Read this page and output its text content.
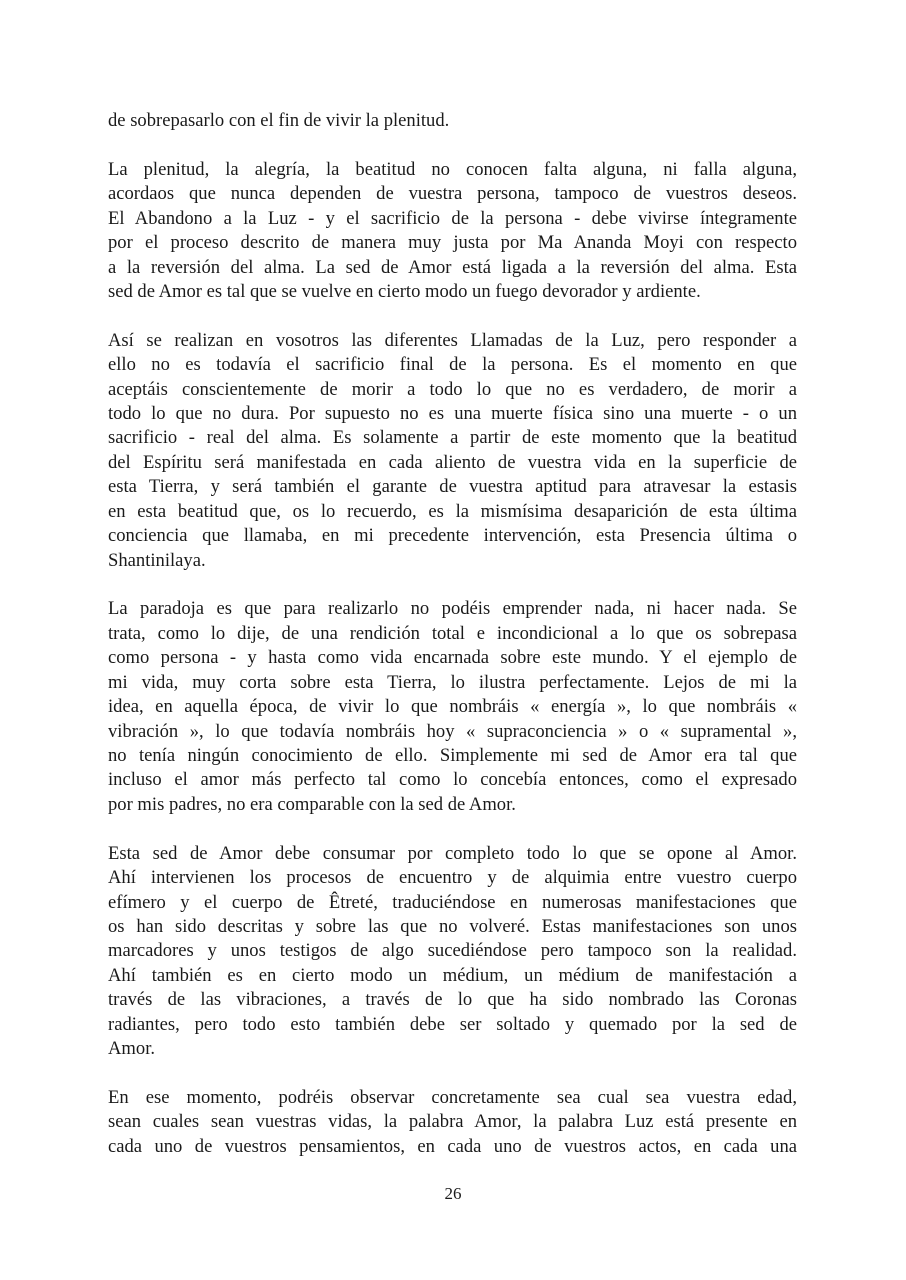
de sobrepasarlo con el fin de vivir la plenitud.
La plenitud, la alegría, la beatitud no conocen falta alguna, ni falla alguna,
acordaos que nunca dependen de vuestra persona, tampoco de vuestros deseos.
El Abandono a la Luz - y el sacrificio de la persona - debe vivirse íntegramente
por el proceso descrito de manera muy justa por Ma Ananda Moyi con respecto
a la reversión del alma. La sed de Amor está ligada a la reversión del alma. Esta
sed de Amor es tal que se vuelve en cierto modo un fuego devorador y ardiente.
Así se realizan en vosotros las diferentes Llamadas de la Luz, pero responder a
ello no es todavía el sacrificio final de la persona. Es el momento en que
aceptáis conscientemente de morir a todo lo que no es verdadero, de morir a
todo lo que no dura. Por supuesto no es una muerte física sino una muerte - o un
sacrificio - real del alma. Es solamente a partir de este momento que la beatitud
del Espíritu será manifestada en cada aliento de vuestra vida en la superficie de
esta Tierra, y será también el garante de vuestra aptitud para atravesar la estasis
en esta beatitud que, os lo recuerdo, es la mismísima desaparición de esta última
conciencia que llamaba, en mi precedente intervención, esta Presencia última o
Shantinilaya.
La paradoja es que para realizarlo no podéis emprender nada, ni hacer nada. Se
trata, como lo dije, de una rendición total e incondicional a lo que os sobrepasa
como persona - y hasta como vida encarnada sobre este mundo. Y el ejemplo de
mi vida, muy corta sobre esta Tierra, lo ilustra perfectamente. Lejos de mi la
idea, en aquella época, de vivir lo que nombráis « energía », lo que nombráis «
vibración », lo que todavía nombráis hoy « supraconciencia » o « supramental »,
no tenía ningún conocimiento de ello. Simplemente mi sed de Amor era tal que
incluso el amor más perfecto tal como lo concebía entonces, como el expresado
por mis padres, no era comparable con la sed de Amor.
Esta sed de Amor debe consumar por completo todo lo que se opone al Amor.
Ahí intervienen los procesos de encuentro y de alquimia entre vuestro cuerpo
efímero y el cuerpo de Êtreté, traduciéndose en numerosas manifestaciones que
os han sido descritas y sobre las que no volveré. Estas manifestaciones son unos
marcadores y unos testigos de algo sucediéndose pero tampoco son la realidad.
Ahí también es en cierto modo un médium, un médium de manifestación a
través de las vibraciones, a través de lo que ha sido nombrado las Coronas
radiantes, pero todo esto también debe ser soltado y quemado por la sed de
Amor.
En ese momento, podréis observar concretamente sea cual sea vuestra edad,
sean cuales sean vuestras vidas, la palabra Amor, la palabra Luz está presente en
cada uno de vuestros pensamientos, en cada uno de vuestros actos, en cada una
26
